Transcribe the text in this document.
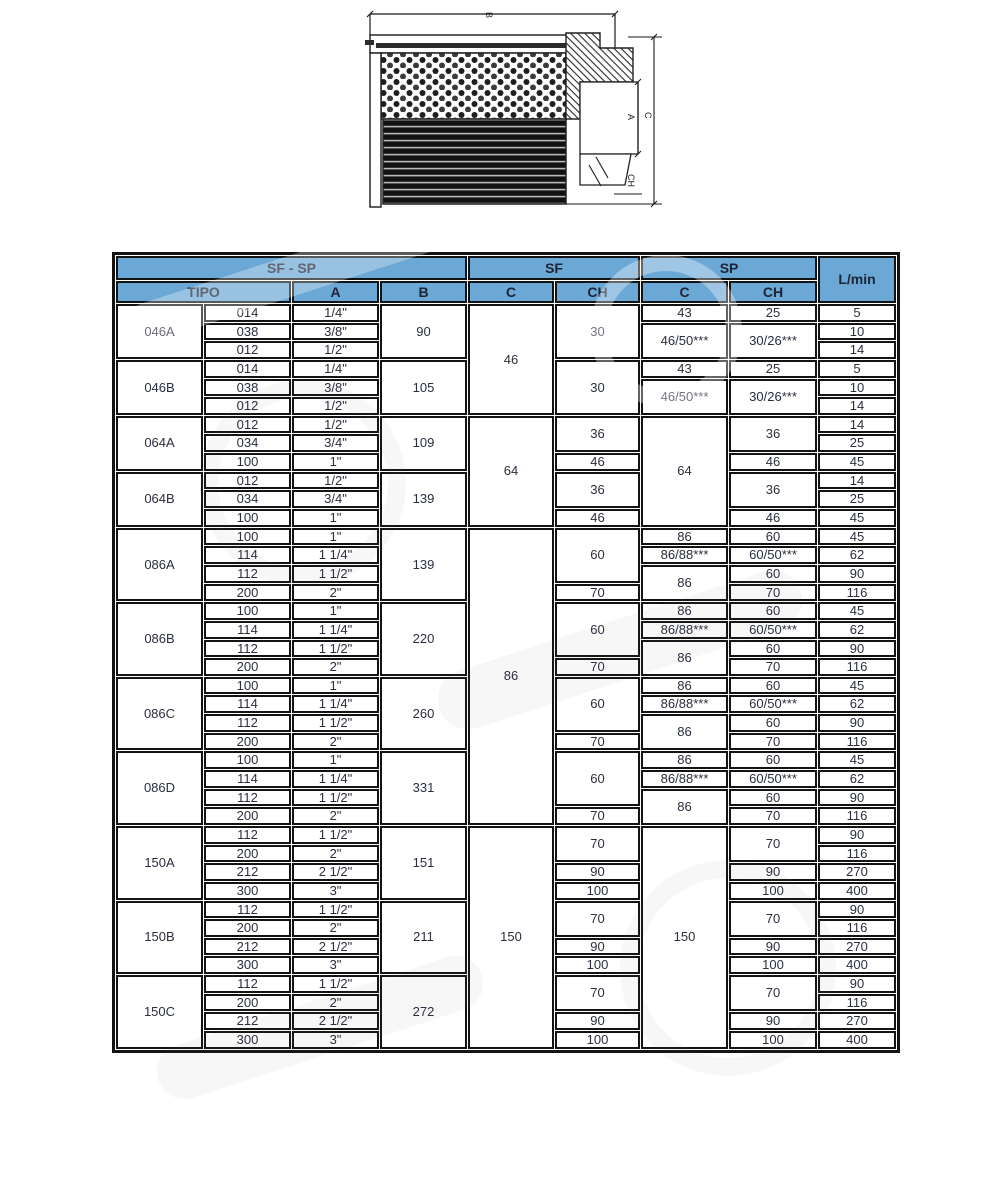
B
CH
A C
SF - SP				SF		SP		L/min
TIPO		A	B	C	CH	C	CH	
046A	014	1/4"	90	46	30	43	25	5
	038	3/8"				46/50***	30/26***	10
	012	1/2"						14
046B	014	1/4"	105		30	43	25	5
	038	3/8"				46/50***	30/26***	10
	012	1/2"						14
064A	012	1/2"	109	64	36	64	36	14
	034	3/4"						25
	100	1"			46		46	45
064B	012	1/2"	139		36		36	14
	034	3/4"						25
	100	1"			46		46	45
086A	100	1"	139	86	60	86	60	45
	114	1 1/4"				86/88***	60/50***	62
	112	1 1/2"				86	60	90
	200	2"			70		70	116
086B	100	1"	220		60	86	60	45
	114	1 1/4"				86/88***	60/50***	62
	112	1 1/2"				86	60	90
	200	2"			70		70	116
086C	100	1"	260		60	86	60	45
	114	1 1/4"				86/88***	60/50***	62
	112	1 1/2"				86	60	90
	200	2"			70		70	116
086D	100	1"	331		60	86	60	45
	114	1 1/4"				86/88***	60/50***	62
	112	1 1/2"				86	60	90
	200	2"			70		70	116
150A	112	1 1/2"	151	150	70	150	70	90
	200	2"						116
	212	2 1/2"			90		90	270
	300	3"			100		100	400
150B	112	1 1/2"	211		70		70	90
	200	2"						116
	212	2 1/2"			90		90	270
	300	3"			100		100	400
150C	112	1 1/2"	272		70		70	90
	200	2"						116
	212	2 1/2"			90		90	270
	300	3"			100		100	400
